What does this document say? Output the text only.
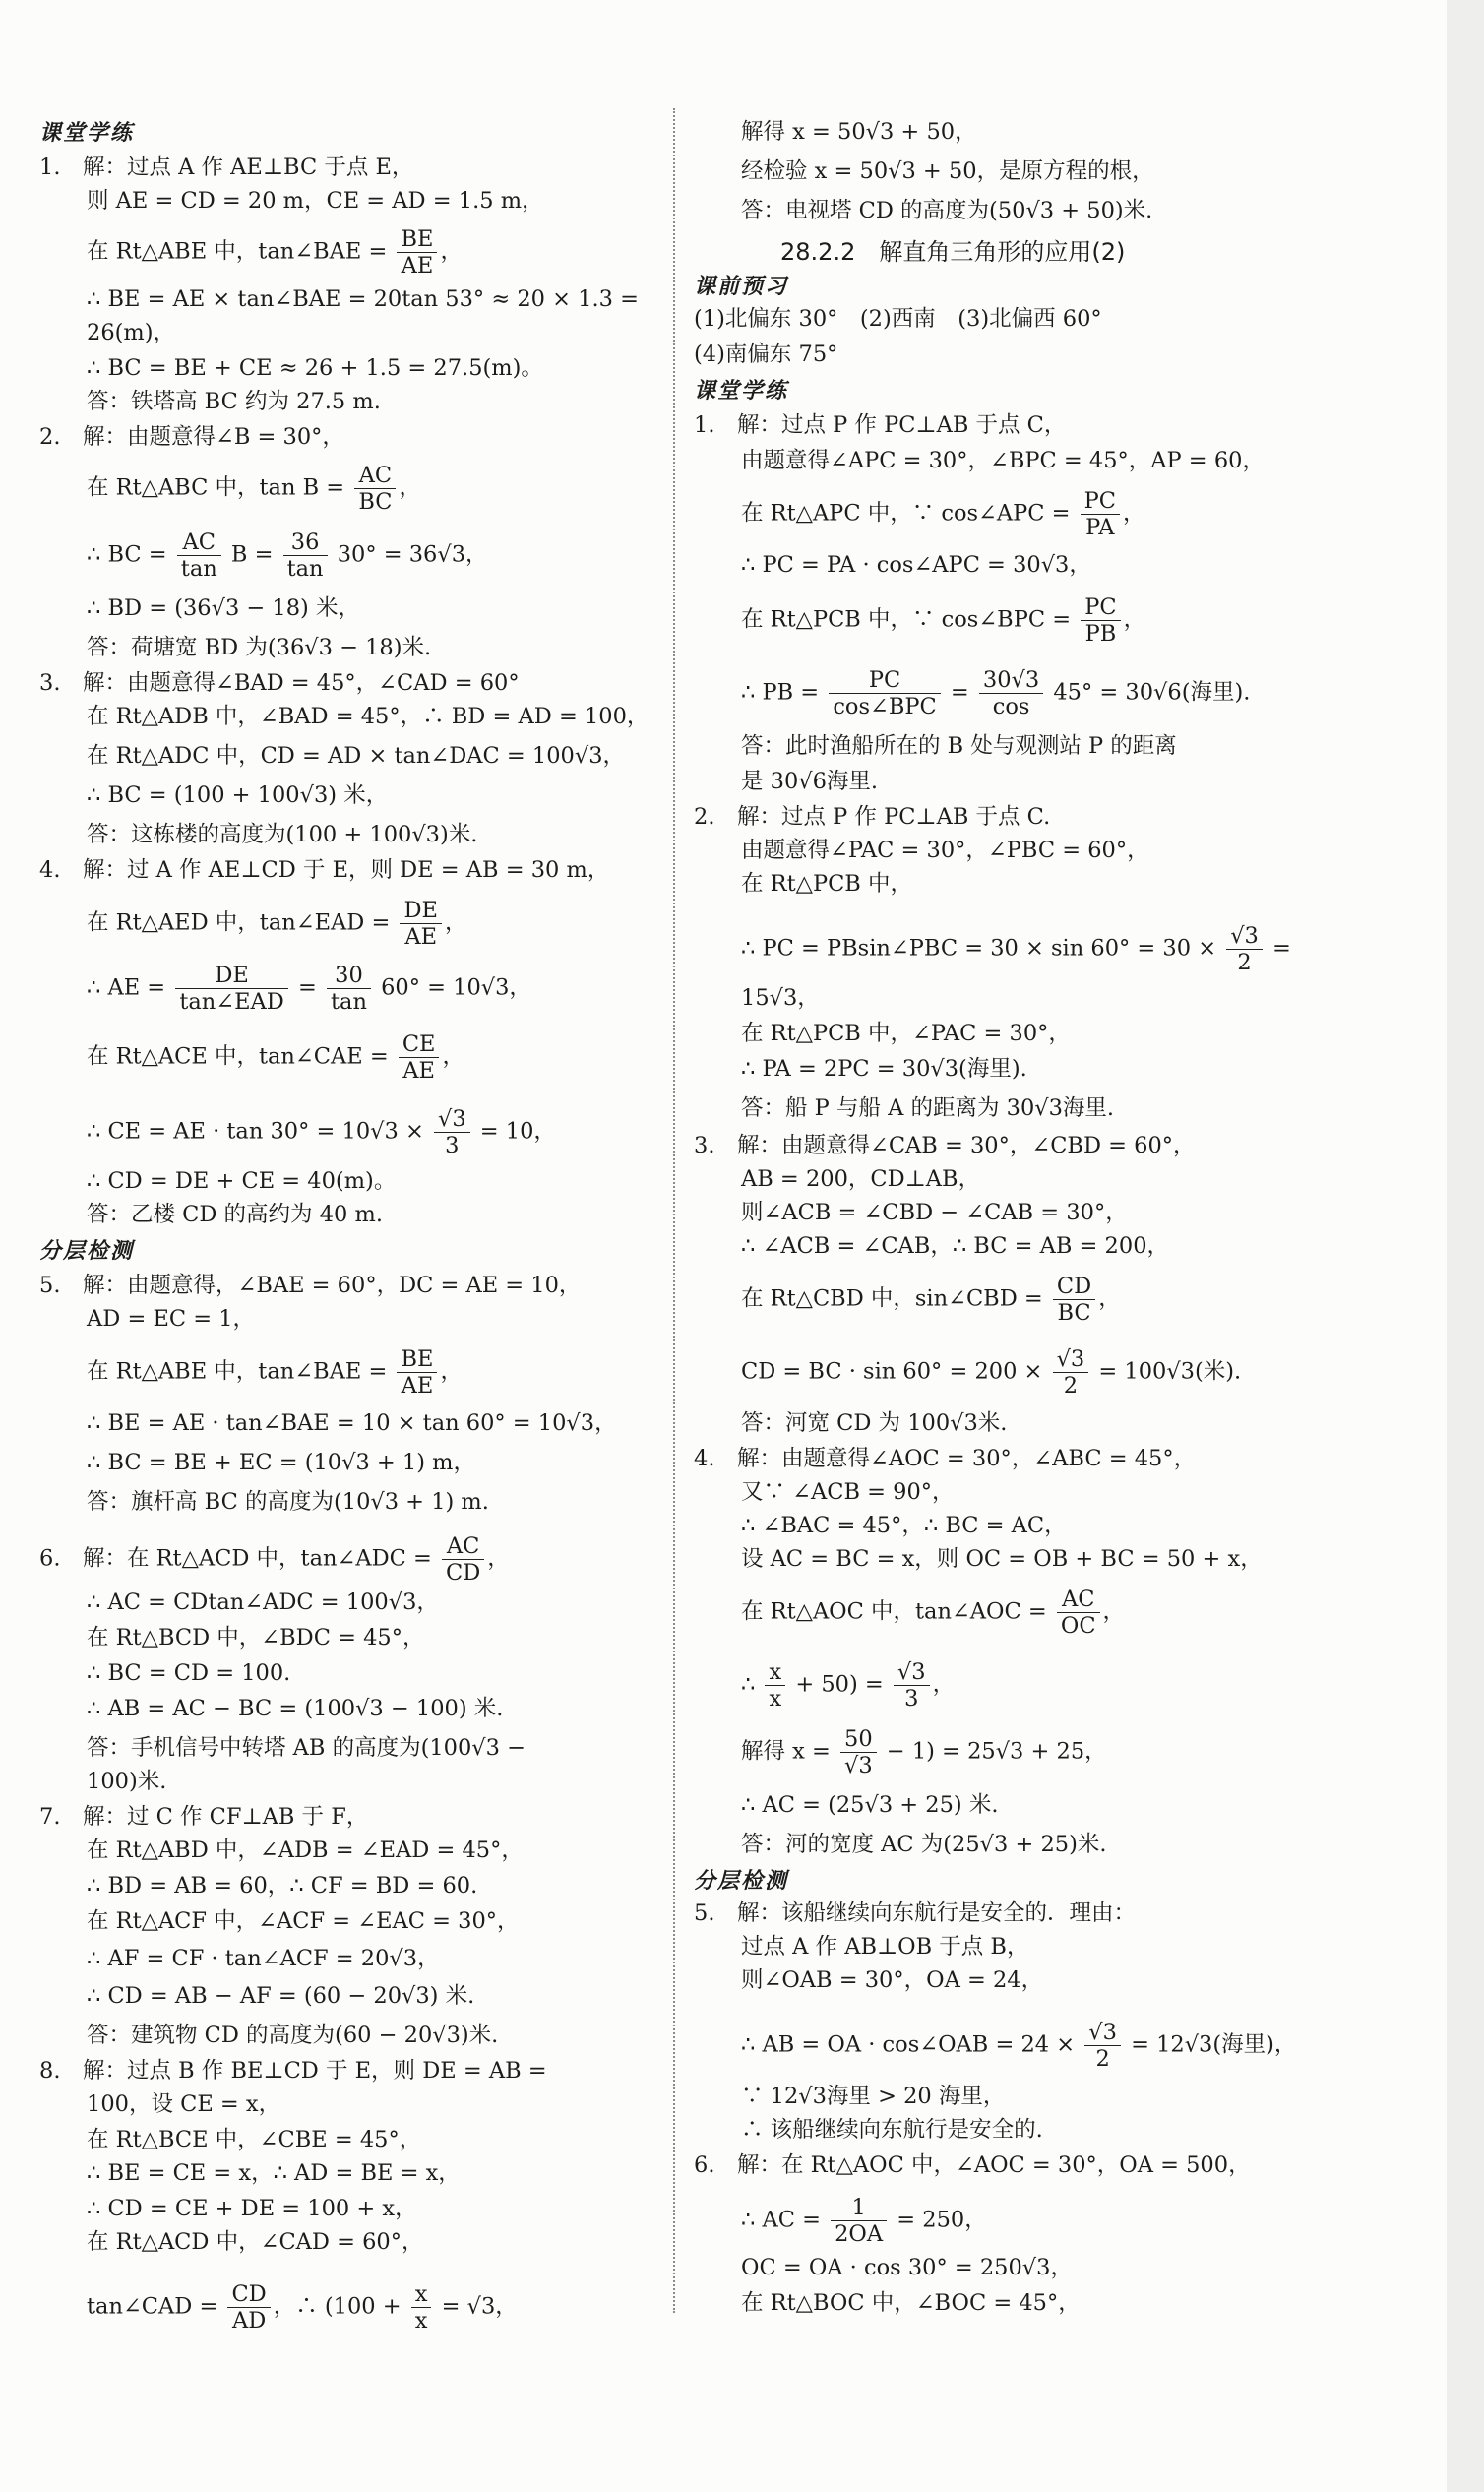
课堂学练
1.　解：过点 A 作 AE⊥BC 于点 E，
则 AE = CD = 20 m，CE = AD = 1.5 m，
在 Rt△ABE 中，tan∠BAE = $\frac{BE}{AE}$ ，
∴ BE = AE × tan∠BAE = 20tan 53° ≈ 20 × 1.3 =
26(m)，
∴ BC = BE + CE ≈ 26 + 1.5 = 27.5(m)。
答：铁塔高 BC 约为 27.5 m.
2.　解：由题意得∠B = 30°，
在 Rt△ABC 中，$\tan B = \frac{AC}{BC}$ ，
∴ BC = $\frac{AC}{\tan}$ $B = \frac{36}{\tan} 30^\circ = 36√3$，
∴ BD = (36√3 − 18) 米，
答：荷塘宽 BD 为(36√3 − 18)米.
3.　解：由题意得∠BAD = 45°，∠CAD = 60°
在 Rt△ADB 中，∠BAD = 45°，∴ BD = AD = 100，
在 Rt△ADC 中，CD = AD × tan∠DAC = 100√3，
∴ BC = (100 + 100√3) 米，
答：这栋楼的高度为(100 + 100√3)米.
4.　解：过 A 作 AE⊥CD 于 E，则 DE = AB = 30 m，
在 Rt△AED 中，tan∠EAD = $\frac{DE}{AE}$ ，
∴ AE = $\frac{DE}{\text{tan∠EAD}} = \frac{30}{\tan} 60^\circ = 10√3$，
在 Rt△ACE 中，tan∠CAE = $\frac{CE}{AE}$ ，
∴ CE = AE · $\tan 30^\circ = 10√3 \times \frac{√3}{3} = 10$，
∴ CD = DE + CE = 40(m)。
答：乙楼 CD 的高约为 40 m.
分层检测
5.　解：由题意得，∠BAE = 60°，DC = AE = 10，
AD = EC = 1，
在 Rt△ABE 中，tan∠BAE = $\frac{BE}{AE}$ ，
∴ BE = AE · tan∠BAE = 10 × tan 60° = 10√3，
∴ BC = BE + EC = (10√3 + 1) m，
答：旗杆高 BC 的高度为(10√3 + 1) m.
6.　解：在 Rt△ACD 中，tan∠ADC = $\frac{AC}{CD}$ ，
∴ AC = CDtan∠ADC = 100√3，
在 Rt△BCD 中，∠BDC = 45°，
∴ BC = CD = 100.
∴ AB = AC − BC = (100√3 − 100) 米.
答：手机信号中转塔 AB 的高度为(100√3 −
100)米.
7.　解：过 C 作 CF⊥AB 于 F，
在 Rt△ABD 中，∠ADB = ∠EAD = 45°，
∴ BD = AB = 60，∴ CF = BD = 60.
在 Rt△ACF 中，∠ACF = ∠EAC = 30°，
∴ AF = CF · tan∠ACF = 20√3，
∴ CD = AB − AF = (60 − 20√3) 米.
答：建筑物 CD 的高度为(60 − 20√3)米.
8.　解：过点 B 作 BE⊥CD 于 E，则 DE = AB =
100，设 CE = x，
在 Rt△BCE 中，∠CBE = 45°，
∴ BE = CE = x，∴ AD = BE = x，
∴ CD = CE + DE = 100 + x，
在 Rt△ACD 中，∠CAD = 60°，
tan∠CAD = $\frac{CD}{AD}$ ，∴ ($100 + \frac{x}{x} = √3$，
28.2.2　解直角三角形的应用(2)
解得 x = 50√3 + 50，
经检验 x = 50√3 + 50，是原方程的根，
答：电视塔 CD 的高度为(50√3 + 50)米.
课前预习
(1)北偏东 30°　(2)西南　(3)北偏西 60°
(4)南偏东 75°
课堂学练
1.　解：过点 P 作 PC⊥AB 于点 C，
由题意得∠APC = 30°，∠BPC = 45°，AP = 60，
在 Rt△APC 中，∵ cos∠APC = $\frac{PC}{PA}$ ，
∴ PC = PA · cos∠APC = 30√3，
在 Rt△PCB 中，∵ cos∠BPC = $\frac{PC}{PB}$ ，
∴ PB = $\frac{PC}{\text{cos∠BPC}} = \frac{30√3}{\cos} 45^\circ = 30√6$(海里).
答：此时渔船所在的 B 处与观测站 P 的距离
是 30√6海里.
2.　解：过点 P 作 PC⊥AB 于点 C.
由题意得∠PAC = 30°，∠PBC = 60°，
在 Rt△PCB 中，
∴ PC = PBsin∠PBC = $30 \times \sin 60^\circ = 30 \times \frac{√3}{2}$ =
15√3，
在 Rt△PCB 中，∠PAC = 30°，
∴ PA = 2PC = 30√3(海里).
答：船 P 与船 A 的距离为 30√3海里.
3.　解：由题意得∠CAB = 30°，∠CBD = 60°，
AB = 200，CD⊥AB，
则∠ACB = ∠CBD − ∠CAB = 30°，
∴ ∠ACB = ∠CAB，∴ BC = AB = 200，
在 Rt△CBD 中，sin∠CBD = $\frac{CD}{BC}$ ，
CD = BC · $\sin 60^\circ = 200 \times \frac{√3}{2} = 100√3$(米).
答：河宽 CD 为 100√3米.
4.　解：由题意得∠AOC = 30°，∠ABC = 45°，
又∵ ∠ACB = 90°，
∴ ∠BAC = 45°，∴ BC = AC，
设 AC = BC = x，则 OC = OB + BC = 50 + x，
在 Rt△AOC 中，tan∠AOC = $\frac{AC}{OC}$ ，
∴ $\frac{x}{x} + 50) = \frac{√3}{3}$ ，
解得 $x = \frac{50}{√3} - 1) = 25√3 + 25$，
∴ AC = (25√3 + 25) 米.
答：河的宽度 AC 为(25√3 + 25)米.
分层检测
5.　解：该船继续向东航行是安全的．理由：
过点 A 作 AB⊥OB 于点 B，
则∠OAB = 30°，OA = 24，
∴ AB = OA · cos∠OAB = $24 \times \frac{√3}{2} = 12√3$(海里)，
∵ 12√3海里 > 20 海里，
∴ 该船继续向东航行是安全的.
6.　解：在 Rt△AOC 中，∠AOC = 30°，OA = 500，
∴ AC = $\frac{1}{2OA} = 250$，
OC = OA · cos 30° = 250√3，
在 Rt△BOC 中，∠BOC = 45°，
